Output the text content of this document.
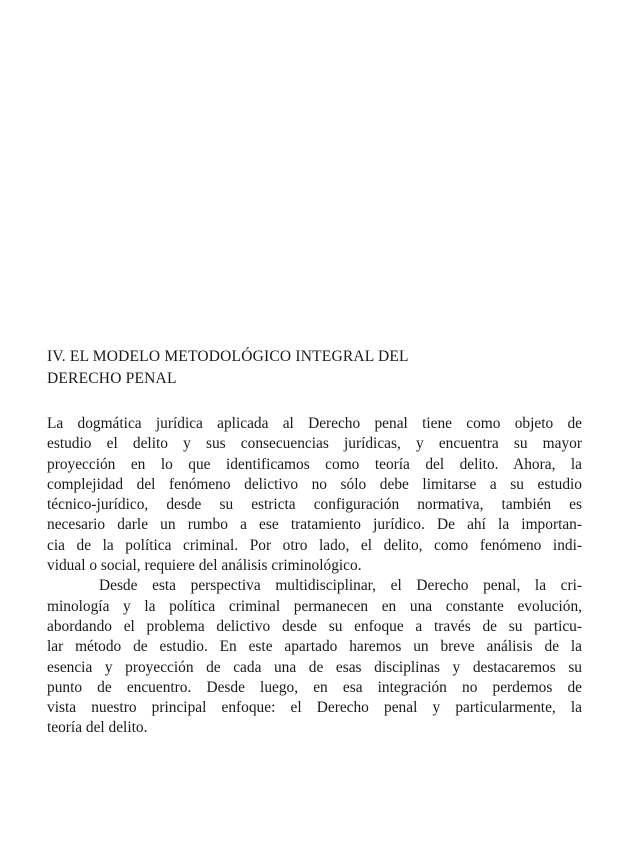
IV. EL MODELO METODOLÓGICO INTEGRAL DEL
DERECHO PENAL
La dogmática jurídica aplicada al Derecho penal tiene como objeto de
estudio el delito y sus consecuencias jurídicas, y encuentra su mayor
proyección en lo que identificamos como teoría del delito. Ahora, la
complejidad del fenómeno delictivo no sólo debe limitarse a su estudio
técnico-jurídico, desde su estricta configuración normativa, también es
necesario darle un rumbo a ese tratamiento jurídico. De ahí la importan-
cia de la política criminal. Por otro lado, el delito, como fenómeno indi-
vidual o social, requiere del análisis criminológico.
Desde esta perspectiva multidisciplinar, el Derecho penal, la cri-
minología y la política criminal permanecen en una constante evolución,
abordando el problema delictivo desde su enfoque a través de su particu-
lar método de estudio. En este apartado haremos un breve análisis de la
esencia y proyección de cada una de esas disciplinas y destacaremos su
punto de encuentro. Desde luego, en esa integración no perdemos de
vista nuestro principal enfoque: el Derecho penal y particularmente, la
teoría del delito.
